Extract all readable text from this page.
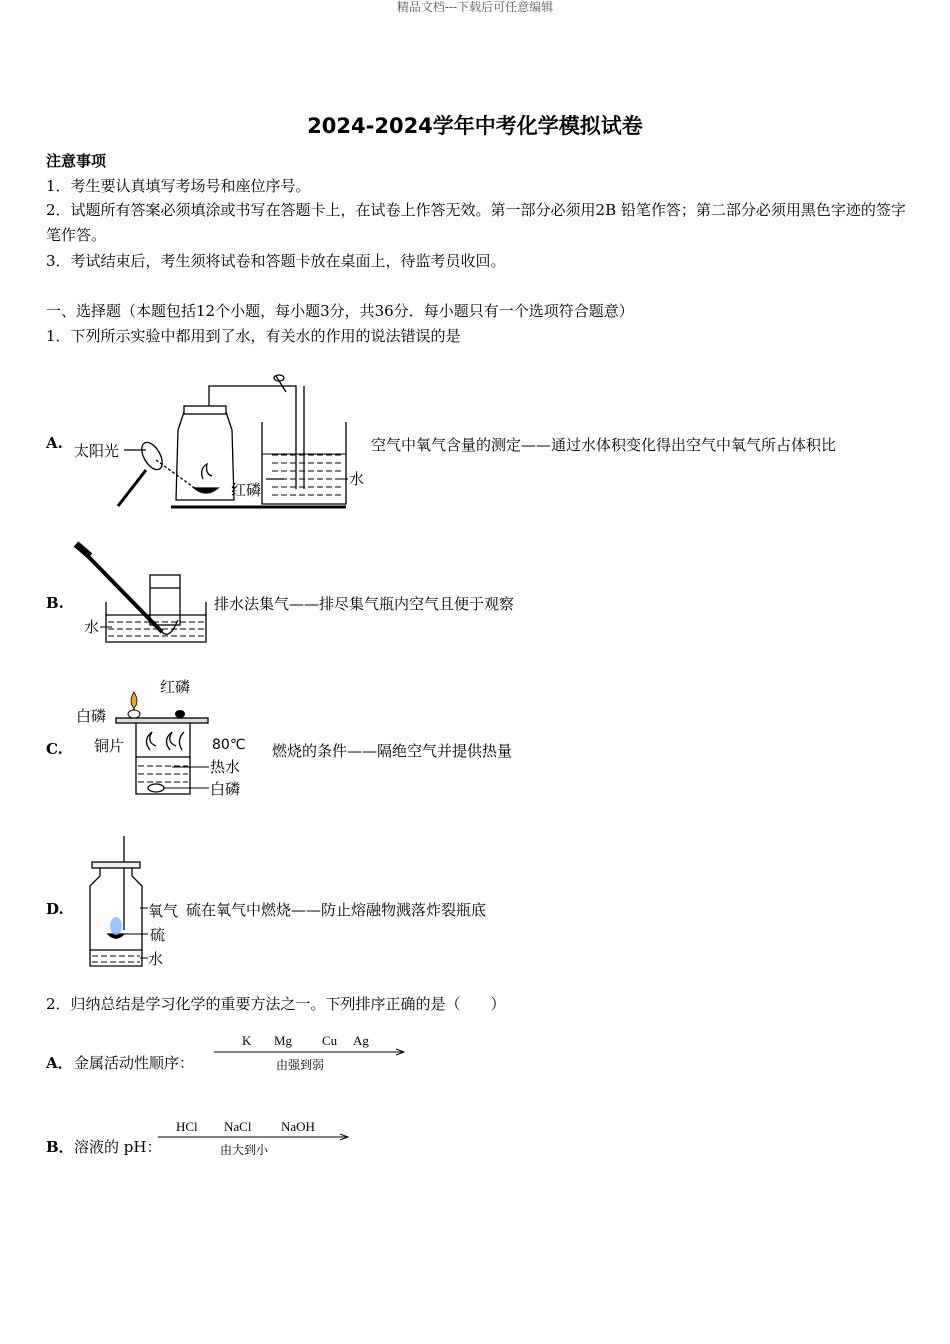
精品文档---下载后可任意编辑
2024-2024学年中考化学模拟试卷
注意事项
1．考生要认真填写考场号和座位序号。
2．试题所有答案必须填涂或书写在答题卡上，在试卷上作答无效。第一部分必须用2B 铅笔作答；第二部分必须用黑色字迹的签字笔作答。
3．考试结束后，考生须将试卷和答题卡放在桌面上，待监考员收回。
一、选择题（本题包括12个小题，每小题3分，共36分．每小题只有一个选项符合题意）
1．下列所示实验中都用到了水，有关水的作用的说法错误的是
A. 太阳光
红磷
水
空气中氧气含量的测定——通过水体积变化得出空气中氧气所占体积比
B.
水
排水法集气——排尽集气瓶内空气且便于观察
C.
红磷
白磷
铜片	80℃
热水
白磷
燃烧的条件——隔绝空气并提供热量
D.	氧气
硫
水
硫在氧气中燃烧——防止熔融物溅落炸裂瓶底
2．归纳总结是学习化学的重要方法之一。下列排序正确的是（　　）
A． 金属活动性顺序：
K Mg Cu Ag
由强到弱
B． 溶液的 pH：
HCl NaCl NaOH
由大到小
